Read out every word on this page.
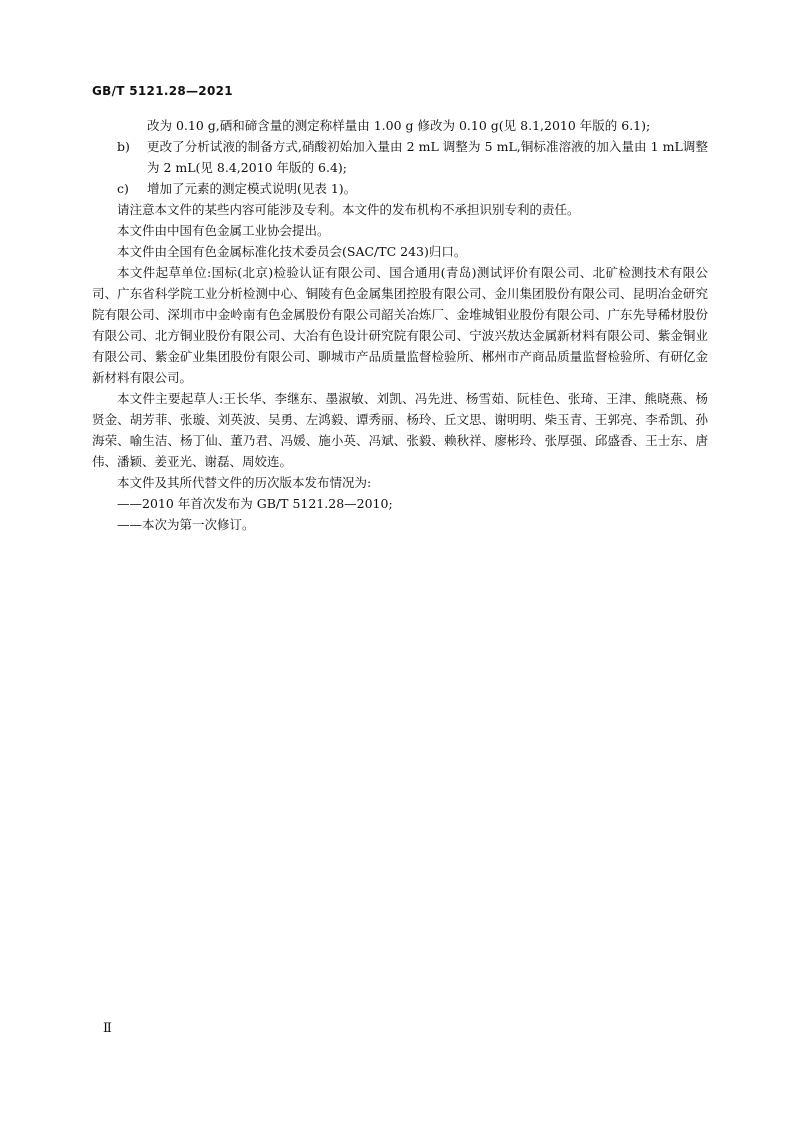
GB/T 5121.28—2021

改为 0.10 g,硒和碲含量的测定称样量由 1.00 g 修改为 0.10 g(见 8.1,2010 年版的 6.1);

b)	更改了分析试液的制备方式,硝酸初始加入量由 2 mL 调整为 5 mL,铜标准溶液的加入量由 1 mL调整为 2 mL(见 8.4,2010 年版的 6.4);
c)	增加了元素的测定模式说明(见表 1)。

请注意本文件的某些内容可能涉及专利。本文件的发布机构不承担识别专利的责任。

本文件由中国有色金属工业协会提出。

本文件由全国有色金属标准化技术委员会(SAC/TC 243)归口。

本文件起草单位:国标(北京)检验认证有限公司、国合通用(青岛)测试评价有限公司、北矿检测技术有限公司、广东省科学院工业分析检测中心、铜陵有色金属集团控股有限公司、金川集团股份有限公司、昆明冶金研究院有限公司、深圳市中金岭南有色金属股份有限公司韶关冶炼厂、金堆城钼业股份有限公司、广东先导稀材股份有限公司、北方铜业股份有限公司、大冶有色设计研究院有限公司、宁波兴敖达金属新材料有限公司、紫金铜业有限公司、紫金矿业集团股份有限公司、聊城市产品质量监督检验所、郴州市产商品质量监督检验所、有研亿金新材料有限公司。

本文件主要起草人:王长华、李继东、墨淑敏、刘凯、冯先进、杨雪茹、阮桂色、张琦、王津、熊晓燕、杨贤金、胡芳菲、张璇、刘英波、吴勇、左鸿毅、谭秀丽、杨玲、丘文思、谢明明、柴玉青、王郭亮、李希凯、孙海荣、喻生洁、杨丁仙、董乃君、冯媛、施小英、冯斌、张毅、赖秋祥、廖彬玲、张厚强、邱盛香、王士东、唐伟、潘颖、姜亚光、谢磊、周姣连。

本文件及其所代替文件的历次版本发布情况为:

——2010 年首次发布为 GB/T 5121.28—2010;

——本次为第一次修订。

Ⅱ
